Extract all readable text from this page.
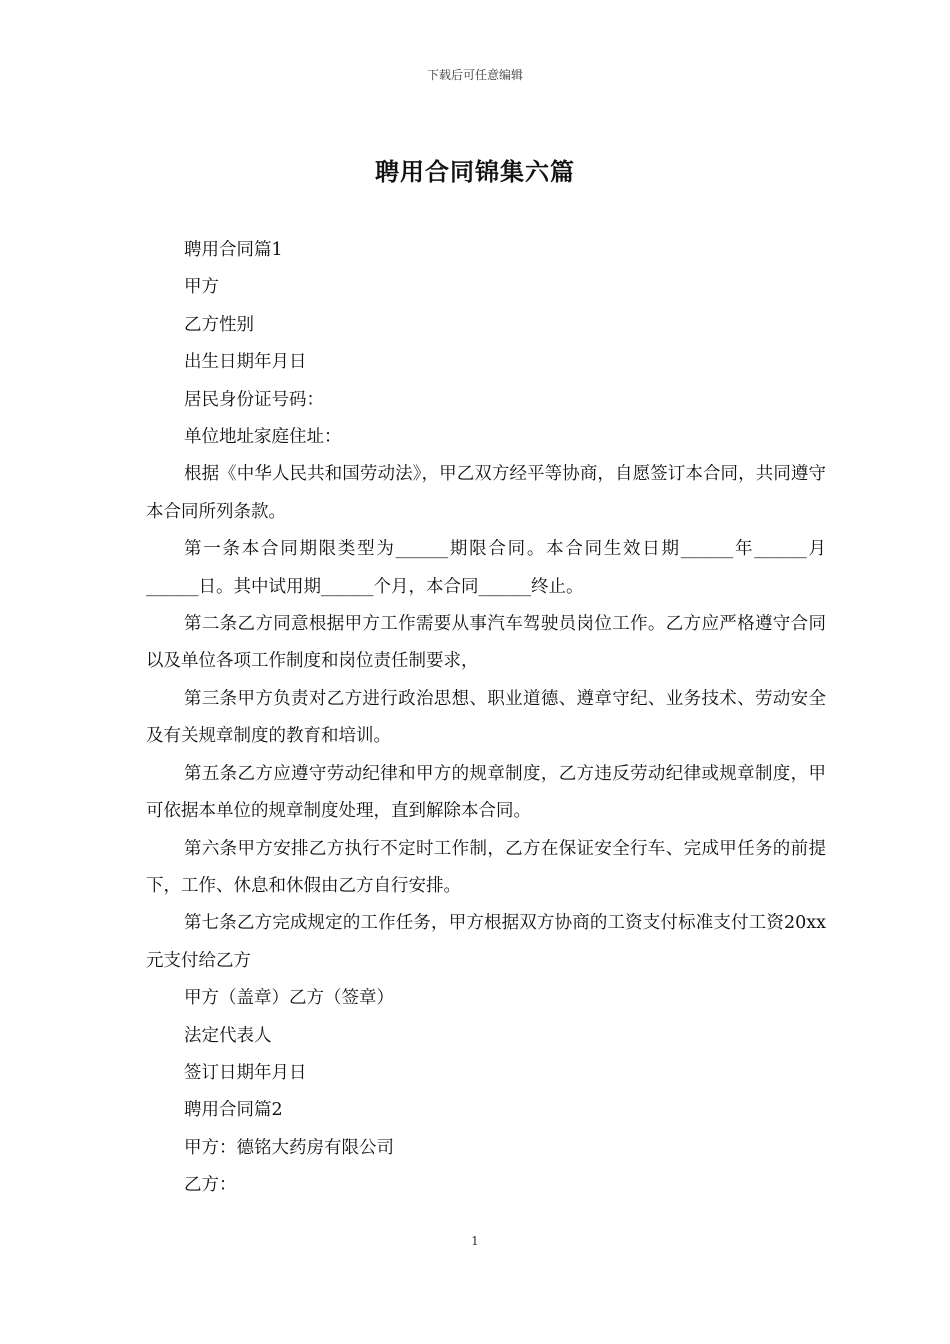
下载后可任意编辑
聘用合同锦集六篇

聘用合同篇1

甲方

乙方性别

出生日期年月日

居民身份证号码：

单位地址家庭住址：

根据《中华人民共和国劳动法》，甲乙双方经平等协商，自愿签订本合同，共同遵守本合同所列条款。

第一条本合同期限类型为______期限合同。本合同生效日期______年______月______日。其中试用期______个月，本合同______终止。

第二条乙方同意根据甲方工作需要从事汽车驾驶员岗位工作。乙方应严格遵守合同以及单位各项工作制度和岗位责任制要求，

第三条甲方负责对乙方进行政治思想、职业道德、遵章守纪、业务技术、劳动安全及有关规章制度的教育和培训。

第五条乙方应遵守劳动纪律和甲方的规章制度，乙方违反劳动纪律或规章制度，甲可依据本单位的规章制度处理，直到解除本合同。

第六条甲方安排乙方执行不定时工作制，乙方在保证安全行车、完成甲任务的前提下，工作、休息和休假由乙方自行安排。

第七条乙方完成规定的工作任务，甲方根据双方协商的工资支付标准支付工资20xx元支付给乙方

甲方（盖章）乙方（签章）

法定代表人

签订日期年月日

聘用合同篇2

甲方：德铭大药房有限公司

乙方：

1
